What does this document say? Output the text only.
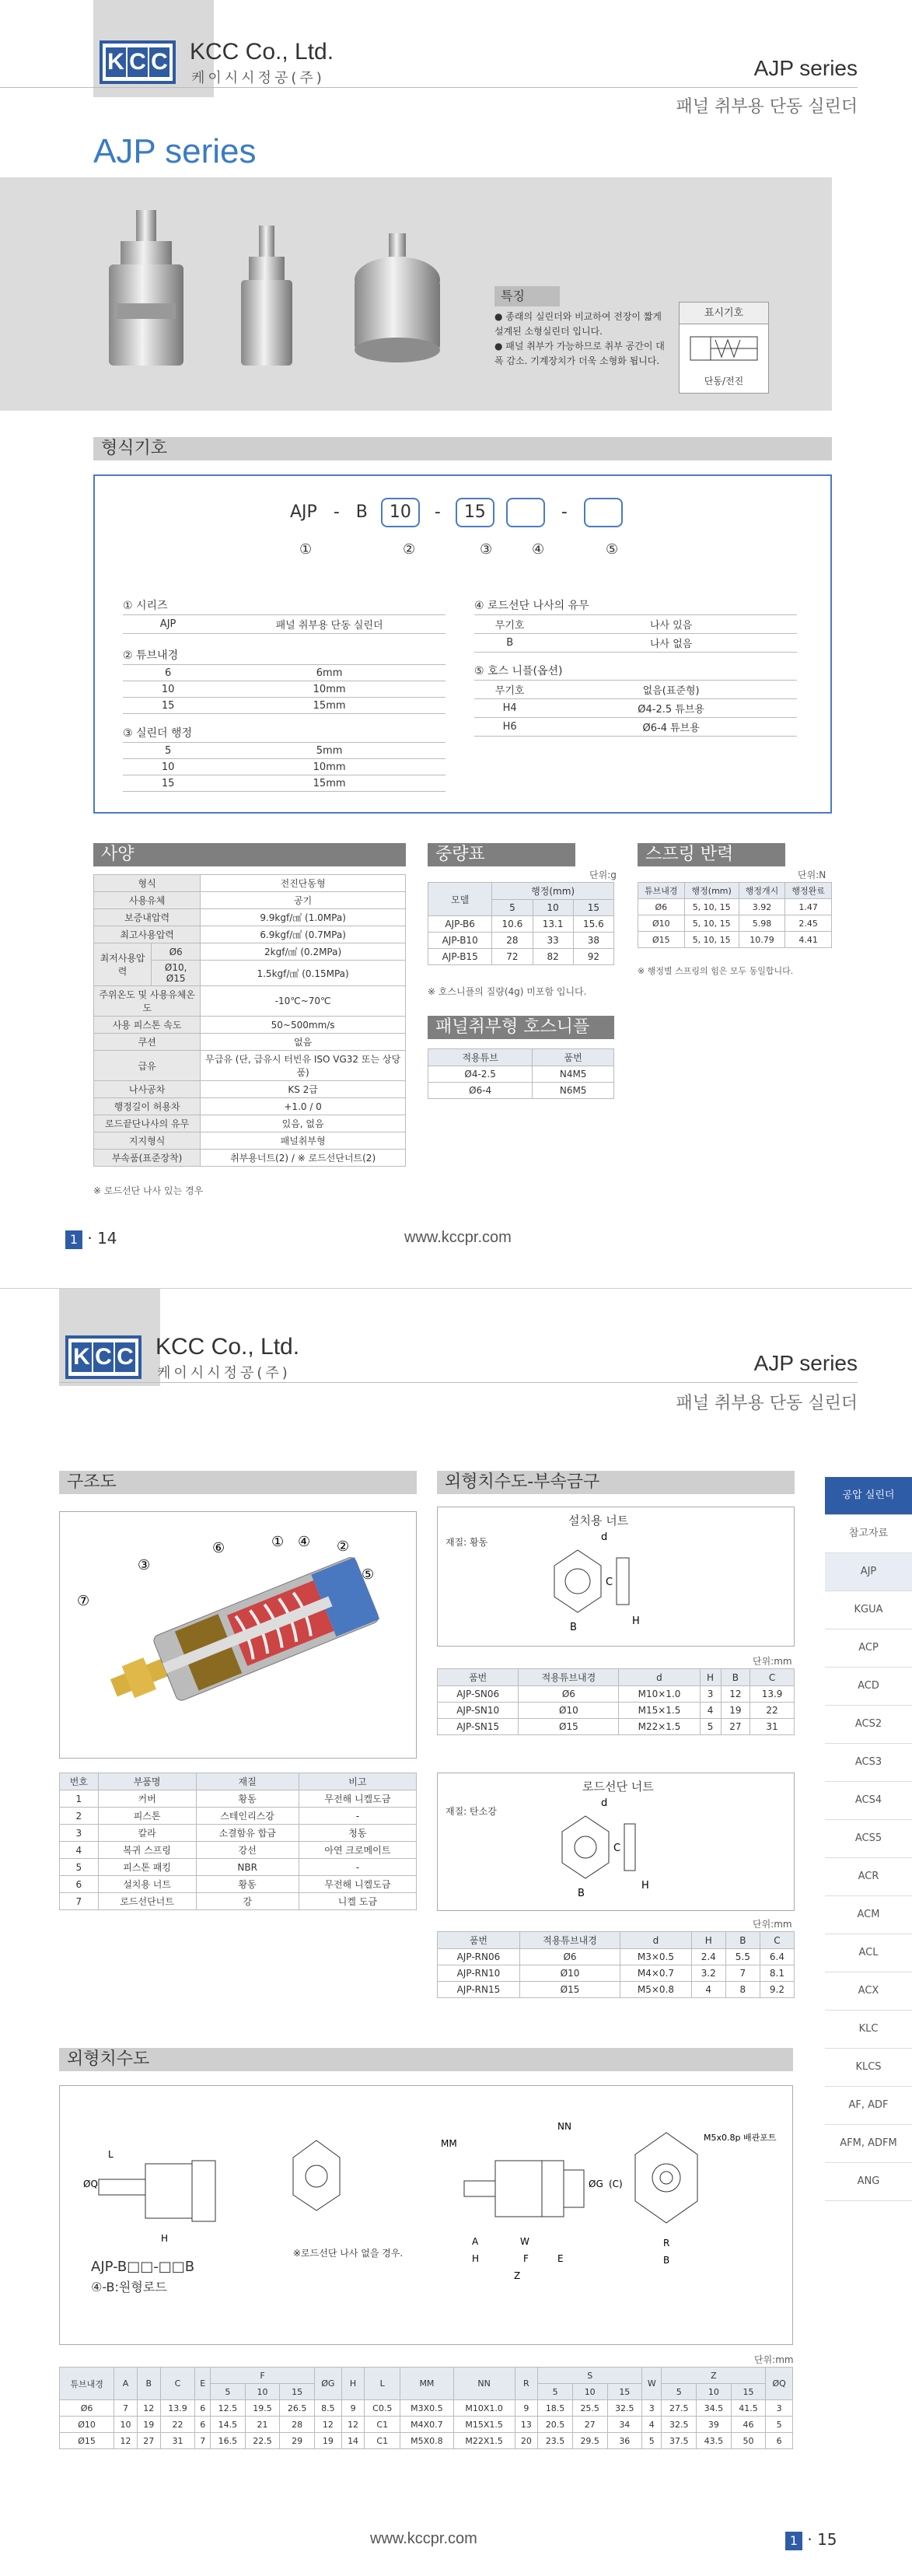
K C C KCC Co., Ltd.
케이시시정공(주)	AJP series
패널 취부용 단동 실린더
AJP series
특징
● 종래의 실린더와 비교하여 전장이 짧게 설계된 소형실린더 입니다.
● 패널 취부가 가능하므로 취부 공간이 대폭 감소. 기계장치가 더욱 소형화 됩니다.
표시기호
단동/전진
형식기호
AJP - B 10 - 15	-
①	②	③	④	⑤
① 시리즈
AJP	패널 취부용 단동 실린더
② 튜브내경
6	6mm
10	10mm
15	15mm
③ 실린더 행정
5	5mm
10	10mm
15	15mm
④ 로드선단 나사의 유무
무기호	나사 있음
B	나사 없음
⑤ 호스 니플(옵션)
무기호	없음(표준형)
H4	Ø4-2.5 튜브용
H6	Ø6-4 튜브용
사양
형식		전진단동형
사용유체		공기
보증내압력		9.9kgf/㎠ (1.0MPa)
최고사용압력		6.9kgf/㎠ (0.7MPa)
최저사용압력	Ø6	2kgf/㎠ (0.2MPa)
	Ø10, Ø15	1.5kgf/㎠ (0.15MPa)
주위온도 및 사용유체온도		-10℃~70℃
사용 피스톤 속도		50~500mm/s
쿠션		없음
급유		무급유 (단, 급유시 터빈유 ISO VG32 또는 상당품)
나사공차		KS 2급
행정길이 허용차		+1.0 / 0
로드끝단나사의 유무		있음, 없음
지지형식		패널취부형
부속품(표준장착)		취부용너트(2) / ※ 로드선단너트(2)
※ 로드선단 나사 있는 경우
중량표
단위:g
모델	행정(mm)		
	5	10	15
AJP-B6	10.6	13.1	15.6
AJP-B10	28	33	38
AJP-B15	72	82	92
※ 호스니플의 질량(4g) 미포함 입니다.
패널취부형 호스니플
적용튜브	품번
Ø4-2.5	N4M5
Ø6-4	N6M5
스프링 반력
단위:N
튜브내경	행정(mm)	행정개시	행정완료
Ø6	5, 10, 15	3.92	1.47
Ø10	5, 10, 15	5.98	2.45
Ø15	5, 10, 15	10.79	4.41
※ 행정별 스프링의 힘은 모두 동일합니다.
1 · 14	www.kccpr.com
K C C KCC Co., Ltd.
케이시시정공(주)	AJP series
패널 취부용 단동 실린더
공압 실린더
참고자료
AJP
KGUA
ACP
ACD
ACS2
ACS3
ACS4
ACS5
ACR
ACM
ACL
ACX
KLC
KLCS
AF, ADF
AFM, ADFM
ANG
구조도
⑦
③
⑥	① ④ ②
⑤
번호	부품명	재질	비고
1	커버	황동	무전해 니켈도금
2	피스톤	스테인리스강	-
3	칼라	소결함유 합금	청동
4	복귀 스프링	강선	아연 크로메이트
5	피스톤 패킹	NBR	-
6	설치용 너트	황동	무전해 니켈도금
7	로드선단너트	강	니켈 도금
외형치수도-부속금구
설치용 너트
재질: 황동	d
B
H
C
단위:mm
품번	적용튜브내경	d	H	B	C
AJP-SN06	Ø6	M10×1.0	3	12	13.9
AJP-SN10	Ø10	M15×1.5	4	19	22
AJP-SN15	Ø15	M22×1.5	5	27	31
로드선단 너트
재질: 탄소강
d
B
H
C
단위:mm
품번	적용튜브내경	d	H	B	C
AJP-RN06	Ø6	M3×0.5	2.4	5.5	6.4
AJP-RN10	Ø10	M4×0.7	3.2	7	8.1
AJP-RN15	Ø15	M5×0.8	4	8	9.2
외형치수도
ØQ
L
H
MM
NN
ØG (C)
M5x0.8p 배관포트
A	W
H	F	E
Z
R
B
※로드선단 나사 없을 경우.
AJP-B□□-□□B
④-B:원형로드
단위:mm
튜브내경	A	B	C	E	F			ØG	H	L	MM	NN	R	S			W	Z			ØQ
					5	10	15							5	10	15		5	10	15	
Ø6	7	12	13.9	6	12.5	19.5	26.5	8.5	9	C0.5	M3X0.5	M10X1.0	9	18.5	25.5	32.5	3	27.5	34.5	41.5	3
Ø10	10	19	22	6	14.5	21	28	12	12	C1	M4X0.7	M15X1.5	13	20.5	27	34	4	32.5	39	46	5
Ø15	12	27	31	7	16.5	22.5	29	19	14	C1	M5X0.8	M22X1.5	20	23.5	29.5	36	5	37.5	43.5	50	6
www.kccpr.com	1 · 15
